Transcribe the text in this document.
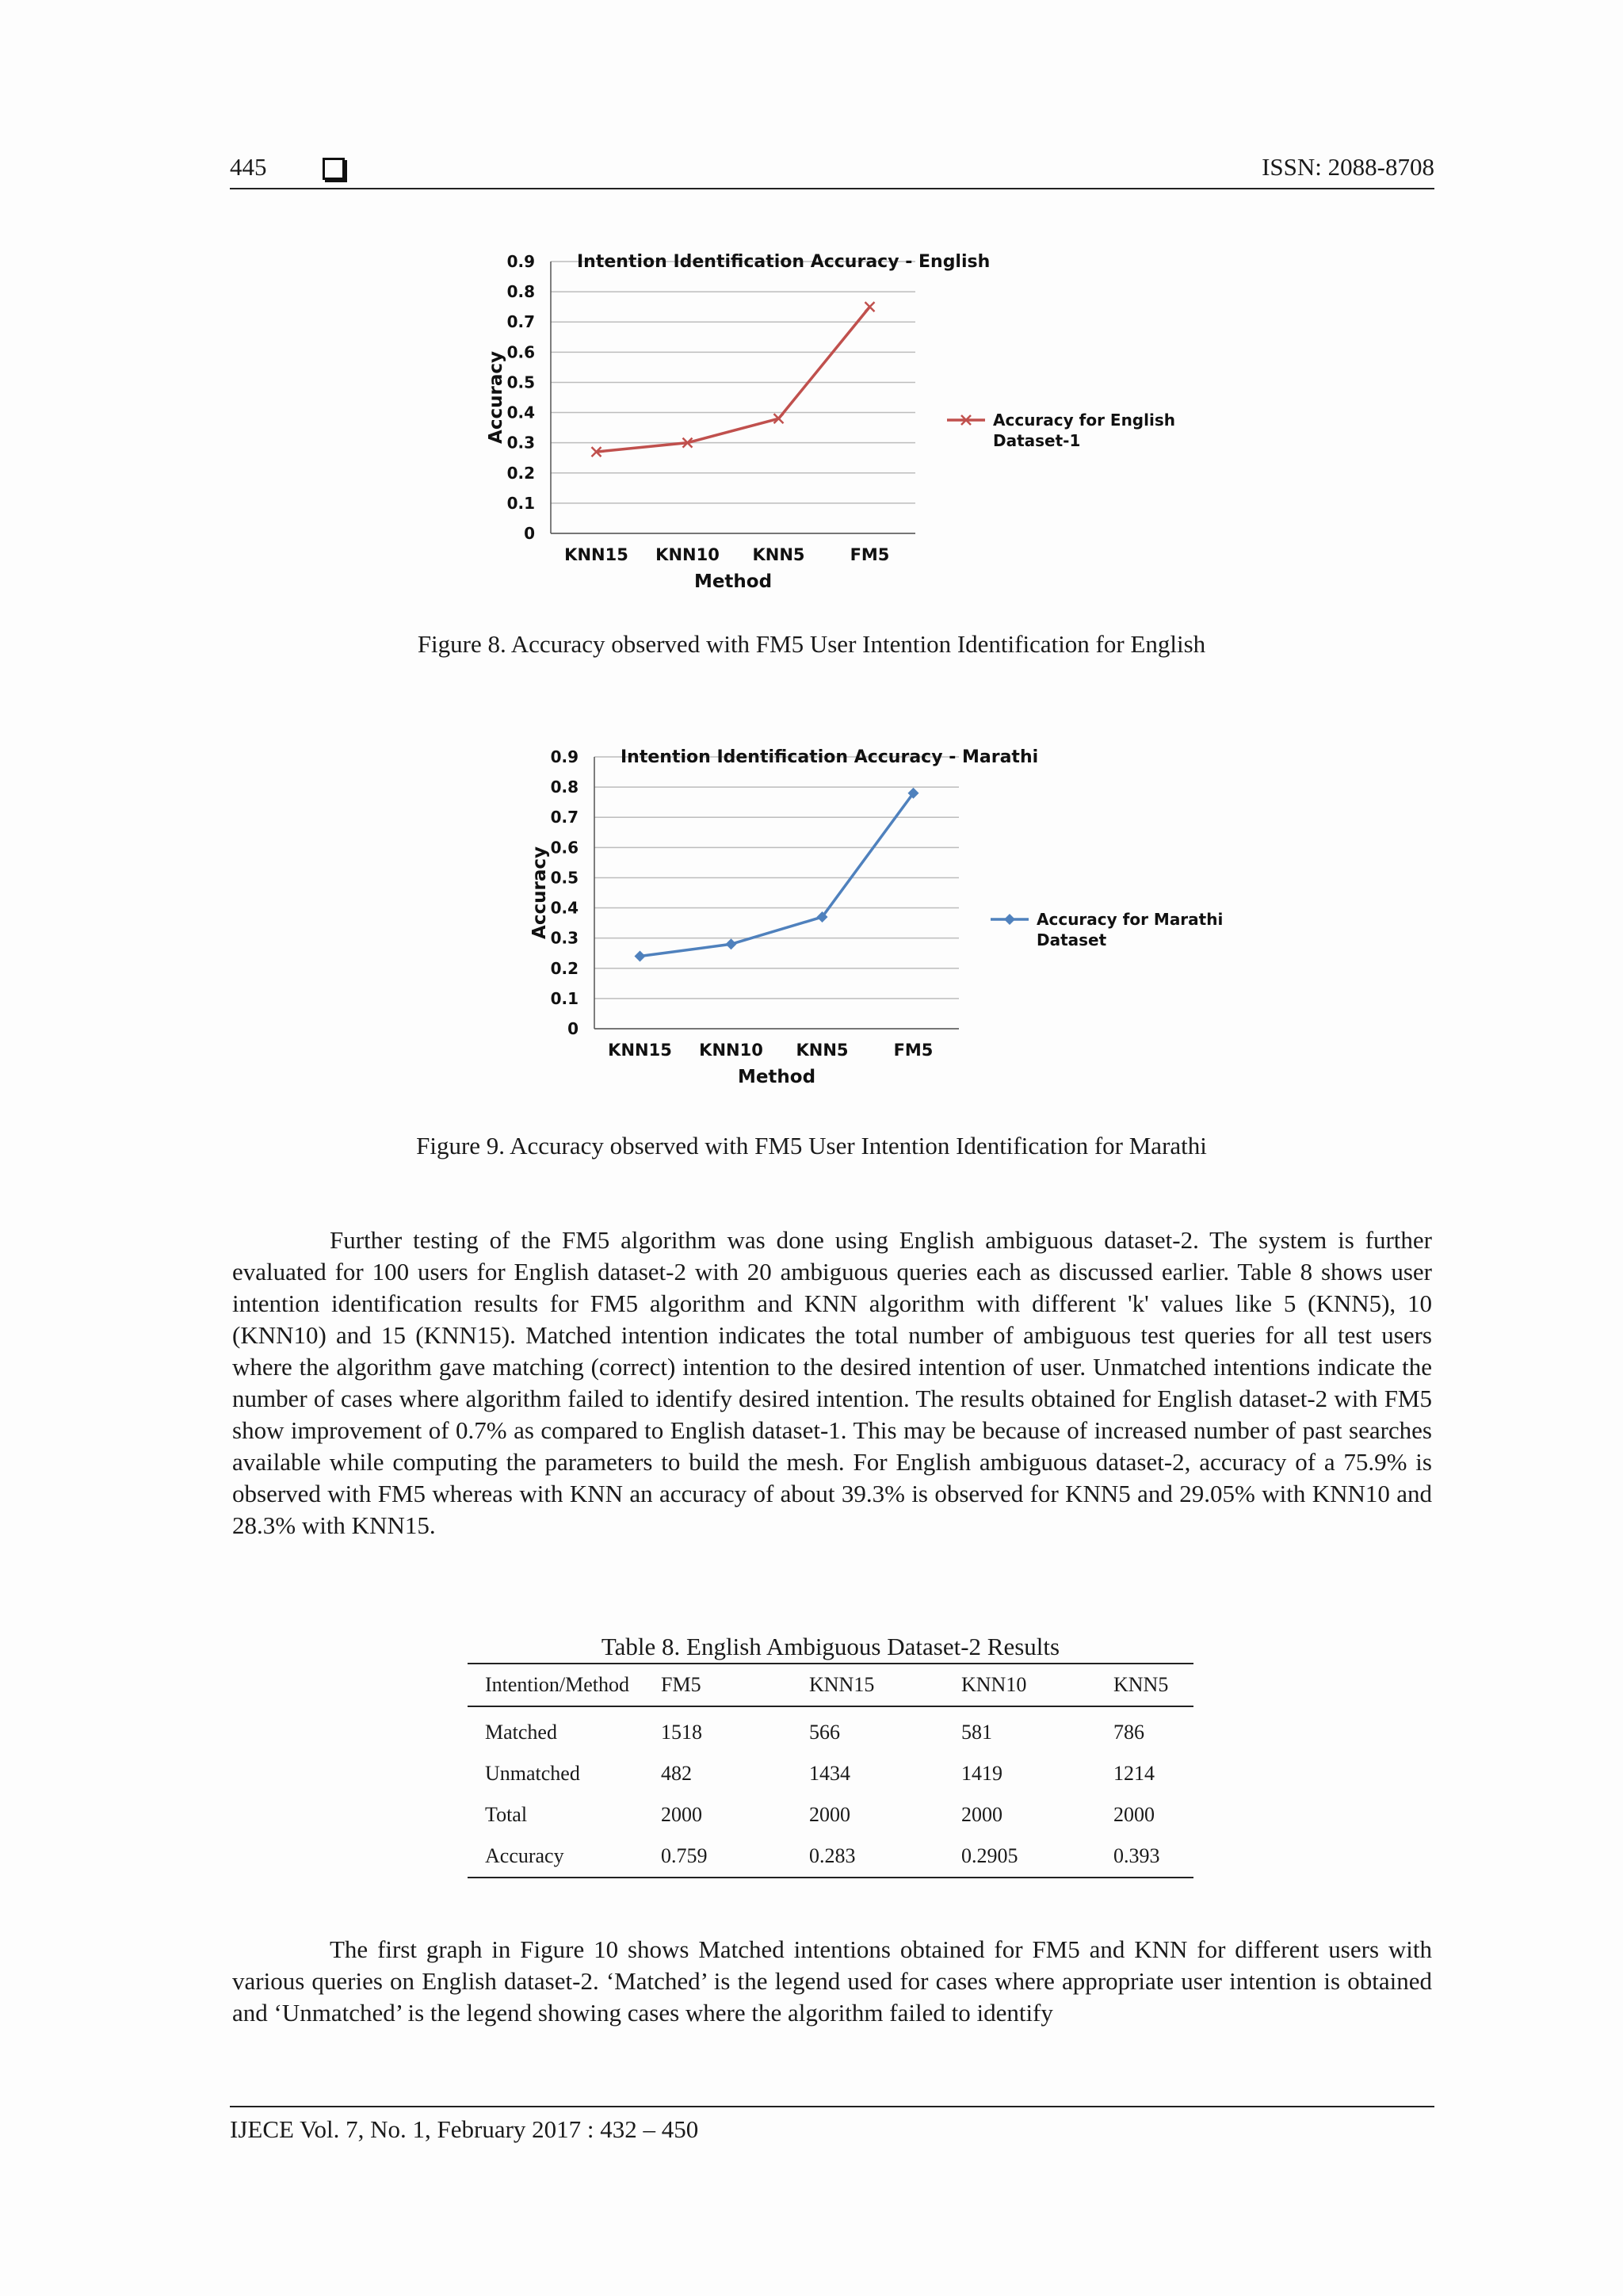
445	ISSN: 2088-8708
0
0.1
0.2
0.3
0.4
0.5
0.6
0.7
0.8
0.9
KNN15 KNN10 KNN5	FM5
Intention Identification Accuracy - English
Method
Accuracy	Accuracy for English
Dataset-1
Figure 8. Accuracy observed with FM5 User Intention Identification for English
0
0.1
0.2
0.3
0.4
0.5
0.6
0.7
0.8
0.9
KNN15 KNN10 KNN5	FM5
Intention Identification Accuracy - Marathi
Method
Accuracy	Accuracy for Marathi
Dataset
Figure 9. Accuracy observed with FM5 User Intention Identification for Marathi

Further testing of the FM5 algorithm was done using English ambiguous dataset-2. The system is further evaluated for 100 users for English dataset-2 with 20 ambiguous queries each as discussed earlier. Table 8 shows user intention identification results for FM5 algorithm and KNN algorithm with different 'k' values like 5 (KNN5), 10 (KNN10) and 15 (KNN15). Matched intention indicates the total number of ambiguous test queries for all test users where the algorithm gave matching (correct) intention to the desired intention of user. Unmatched intentions indicate the number of cases where algorithm failed to identify desired intention. The results obtained for English dataset-2 with FM5 show improvement of 0.7% as compared to English dataset-1. This may be because of increased number of past searches available while computing the parameters to build the mesh. For English ambiguous dataset-2, accuracy of a 75.9% is observed with FM5 whereas with KNN an accuracy of about 39.3% is observed for KNN5 and 29.05% with KNN10 and 28.3% with KNN15.

Table 8. English Ambiguous Dataset-2 Results
Intention/Method	FM5	KNN15	KNN10	KNN5
Matched	1518	566	581	786
Unmatched	482	1434	1419	1214
Total	2000	2000	2000	2000
Accuracy	0.759	0.283	0.2905	0.393

The first graph in Figure 10 shows Matched intentions obtained for FM5 and KNN for different users with various queries on English dataset-2. ‘Matched’ is the legend used for cases where appropriate user intention is obtained and ‘Unmatched’ is the legend showing cases where the algorithm failed to identify

IJECE Vol. 7, No. 1, February 2017 : 432 – 450
